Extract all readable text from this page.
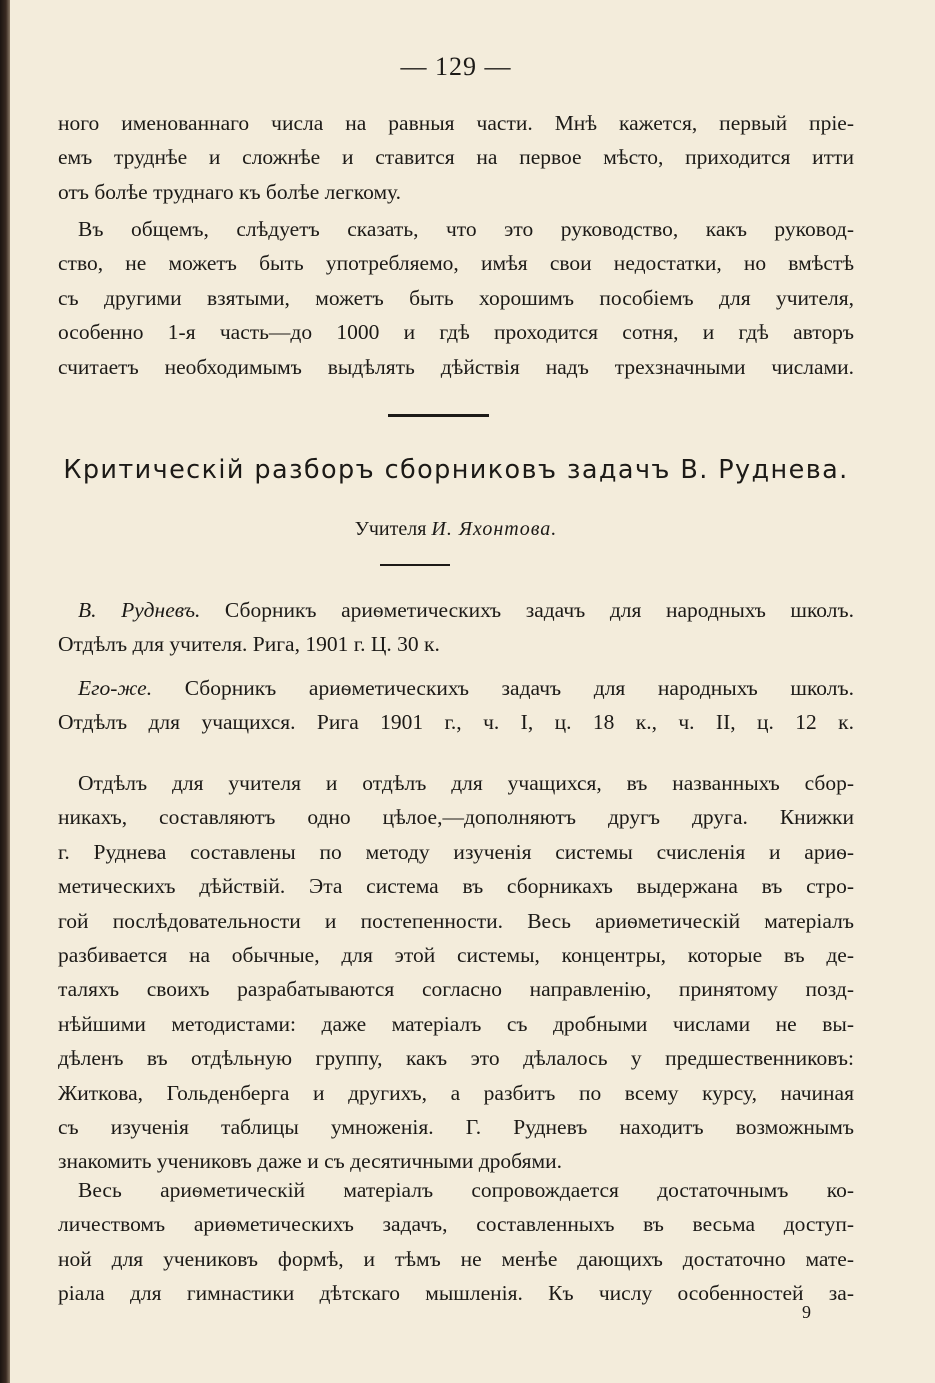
— 129 —
ного именованнаго числа на равныя части. Мнѣ кажется, первый пріе-
емъ труднѣе и сложнѣе и ставится на первое мѣсто, приходится итти
отъ болѣе труднаго къ болѣе легкому.
Въ общемъ, слѣдуетъ сказать, что это руководство, какъ руковод-
ство, не можетъ быть употребляемо, имѣя свои недостатки, но вмѣстѣ
съ другими взятыми, можетъ быть хорошимъ пособіемъ для учителя,
особенно 1-я часть—до 1000 и гдѣ проходится сотня, и гдѣ авторъ
считаетъ необходимымъ выдѣлять дѣйствія надъ трехзначными числами.
Критическій разборъ сборниковъ задачъ В. Руднева.
Учителя И. Яхонтова.
В. Рудневъ. Сборникъ ариѳметическихъ задачъ для народныхъ школъ.
Отдѣлъ для учителя. Рига, 1901 г. Ц. 30 к.
Его-же. Сборникъ ариѳметическихъ задачъ для народныхъ школъ.
Отдѣлъ для учащихся. Рига 1901 г., ч. I, ц. 18 к., ч. II, ц. 12 к.
Отдѣлъ для учителя и отдѣлъ для учащихся, въ названныхъ сбор-
никахъ, составляютъ одно цѣлое,—дополняютъ другъ друга. Книжки
г. Руднева составлены по методу изученія системы счисленія и ариѳ-
метическихъ дѣйствій. Эта система въ сборникахъ выдержана въ стро-
гой послѣдовательности и постепенности. Весь ариѳметическій матеріалъ
разбивается на обычные, для этой системы, концентры, которые въ де-
таляхъ своихъ разрабатываются согласно направленію, принятому позд-
нѣйшими методистами: даже матеріалъ съ дробными числами не вы-
дѣленъ въ отдѣльную группу, какъ это дѣлалось у предшественниковъ:
Житкова, Гольденберга и другихъ, а разбитъ по всему курсу, начиная
съ изученія таблицы умноженія. Г. Рудневъ находитъ возможнымъ
знакомить учениковъ даже и съ десятичными дробями.
Весь ариѳметическій матеріалъ сопровождается достаточнымъ ко-
личествомъ ариѳметическихъ задачъ, составленныхъ въ весьма доступ-
ной для учениковъ формѣ, и тѣмъ не менѣе дающихъ достаточно мате-
ріала для гимнастики дѣтскаго мышленія. Къ числу особенностей за-
9
